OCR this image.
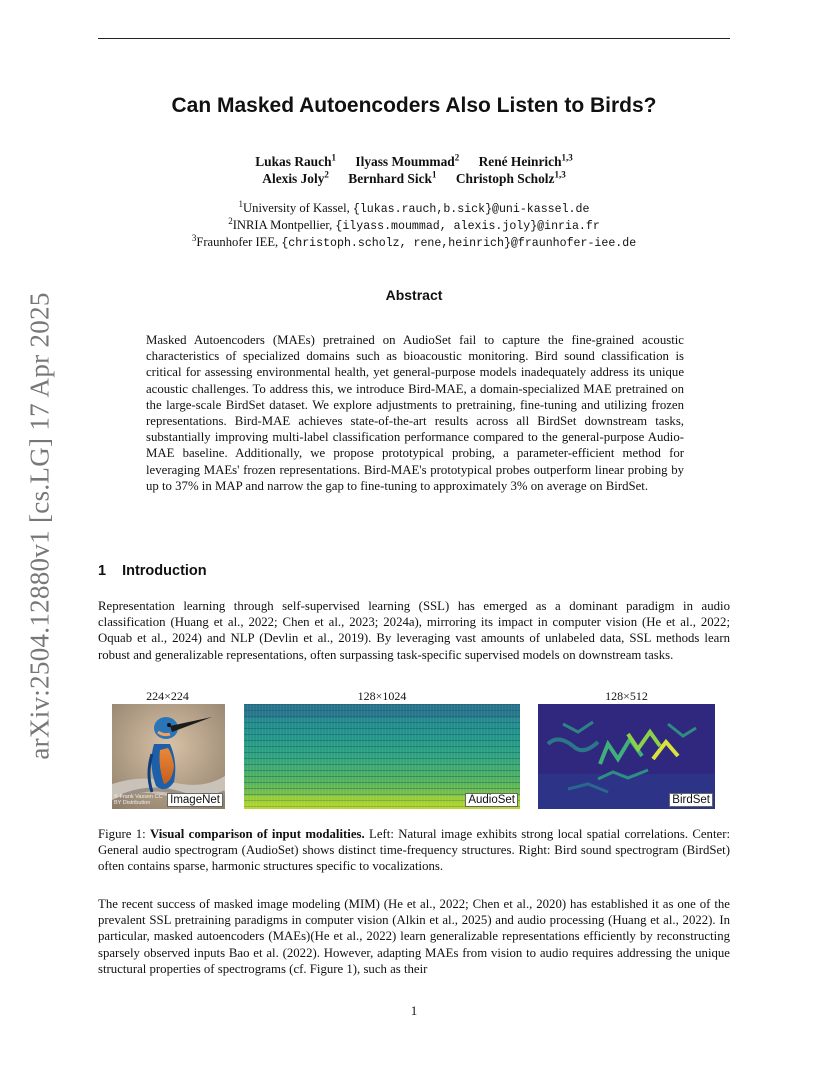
arXiv:2504.12880v1 [cs.LG] 17 Apr 2025
Can Masked Autoencoders Also Listen to Birds?
Lukas Rauch$^1$ Ilyass Moummad$^2$ René Heinrich$^{1,3}$
Alexis Joly$^2$ Bernhard Sick$^1$ Christoph Scholz$^{1,3}$
$^1$University of Kassel, {lukas.rauch,b.sick}@uni-kassel.de
$^2$INRIA Montpellier, {ilyass.moummad, alexis.joly}@inria.fr
$^3$Fraunhofer IEE, {christoph.scholz, rene,heinrich}@fraunhofer-iee.de
Abstract

Masked Autoencoders (MAEs) pretrained on AudioSet fail to capture the fine-grained acoustic characteristics of specialized domains such as bioacoustic monitoring. Bird sound classification is critical for assessing environmental health, yet general-purpose models inadequately address its unique acoustic challenges. To address this, we introduce Bird-MAE, a domain-specialized MAE pretrained on the large-scale BirdSet dataset. We explore adjustments to pretraining, fine-tuning and utilizing frozen representations. Bird-MAE achieves state-of-the-art results across all BirdSet downstream tasks, substantially improving multi-label classification performance compared to the general-purpose Audio-MAE baseline. Additionally, we propose prototypical probing, a parameter-efficient method for leveraging MAEs' frozen representations. Bird-MAE's prototypical probes outperform linear probing by up to 37% in MAP and narrow the gap to fine-tuning to approximately 3% on average on BirdSet.

1 Introduction

Representation learning through self-supervised learning (SSL) has emerged as a dominant paradigm in audio classification (Huang et al., 2022; Chen et al., 2023; 2024a), mirroring its impact in computer vision (He et al., 2022; Oquab et al., 2024) and NLP (Devlin et al., 2019). By leveraging vast amounts of unlabeled data, SSL methods learn robust and generalizable representations, often surpassing task-specific supervised models on downstream tasks.

224×224	128×1024	128×512
© Frank Vassen CC BY Distribution	ImageNet	AudioSet	BirdSet

Figure 1: Visual comparison of input modalities. Left: Natural image exhibits strong local spatial correlations. Center: General audio spectrogram (AudioSet) shows distinct time-frequency structures. Right: Bird sound spectrogram (BirdSet) often contains sparse, harmonic structures specific to vocalizations.

The recent success of masked image modeling (MIM) (He et al., 2022; Chen et al., 2020) has established it as one of the prevalent SSL pretraining paradigms in computer vision (Alkin et al., 2025) and audio processing (Huang et al., 2022). In particular, masked autoencoders (MAEs)(He et al., 2022) learn generalizable representations efficiently by reconstructing sparsely observed inputs Bao et al. (2022). However, adapting MAEs from vision to audio requires addressing the unique structural properties of spectrograms (cf. Figure 1), such as their

1
